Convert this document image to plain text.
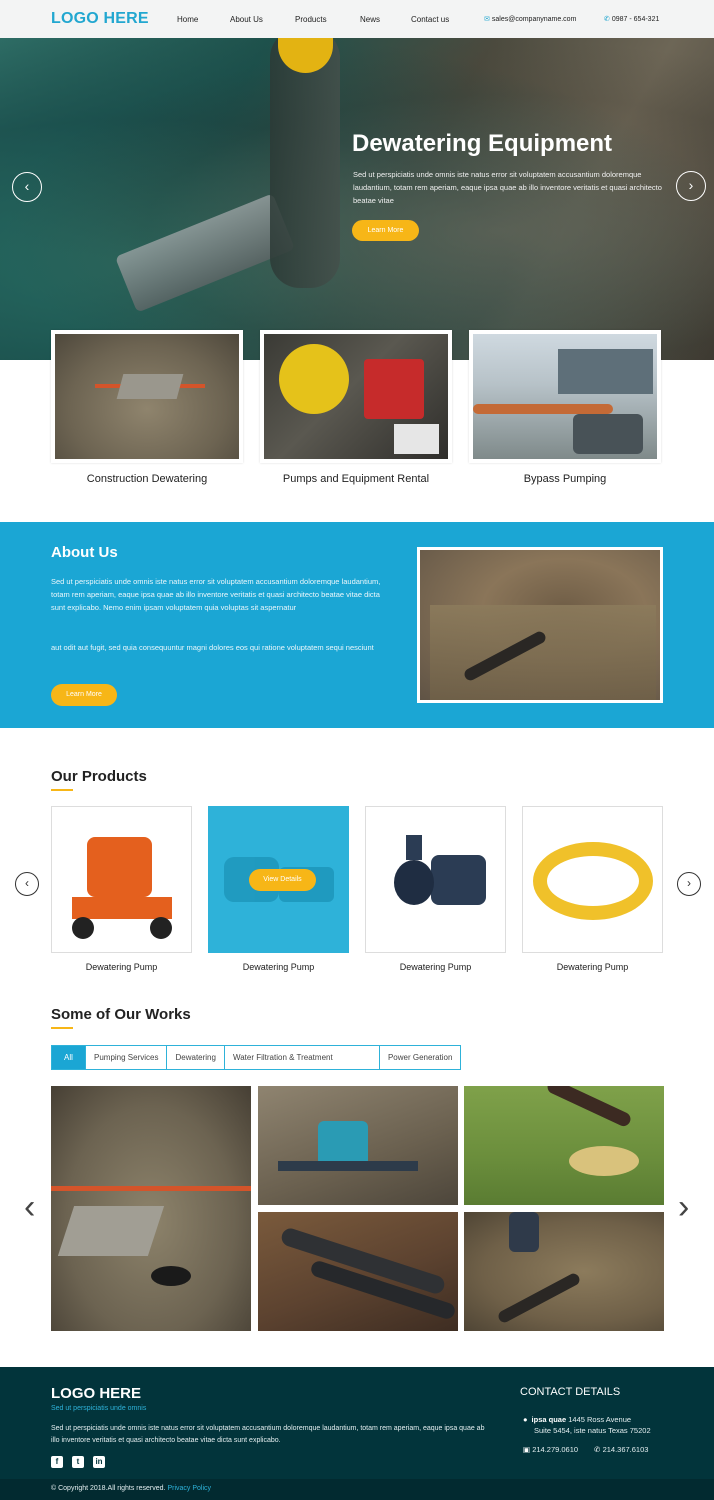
LOGO HERE	Home	About Us	Products	News	Contact us	✉ sales@companyname.com	✆ 0987 - 654-321
Dewatering Equipment
Sed ut perspiciatis unde omnis iste natus error sit voluptatem accusantium doloremque laudantium, totam rem aperiam, eaque ipsa quae ab illo inventore veritatis et quasi architecto beatae vitae
Learn More
‹	›
Construction Dewatering	Pumps and Equipment Rental	Bypass Pumping
About Us
Sed ut perspiciatis unde omnis iste natus error sit voluptatem accusantium doloremque laudantium, totam rem aperiam, eaque ipsa quae ab illo inventore veritatis et quasi architecto beatae vitae dicta sunt explicabo. Nemo enim ipsam voluptatem quia voluptas sit aspernatur
aut odit aut fugit, sed quia consequuntur magni dolores eos qui ratione voluptatem sequi nesciunt
Learn More
Our Products
‹	›
View Details
Dewatering Pump	Dewatering Pump	Dewatering Pump	Dewatering Pump
Some of Our Works
All	Pumping Services	Dewatering	Water Filtration & Treatment	Power Generation
‹	›
LOGO HERE
Sed ut perspiciatis unde omnis
Sed ut perspiciatis unde omnis iste natus error sit voluptatem accusantium doloremque laudantium, totam rem aperiam, eaque ipsa quae ab illo inventore veritatis et quasi architecto beatae vitae dicta sunt explicabo.
f	t	in
CONTACT DETAILS
● ipsa quae 1445 Ross Avenue
Suite 5454, iste natus Texas 75202
▣ 214.279.0610 ✆ 214.367.6103
© Copyright 2018.All rights reserved. Privacy Policy
